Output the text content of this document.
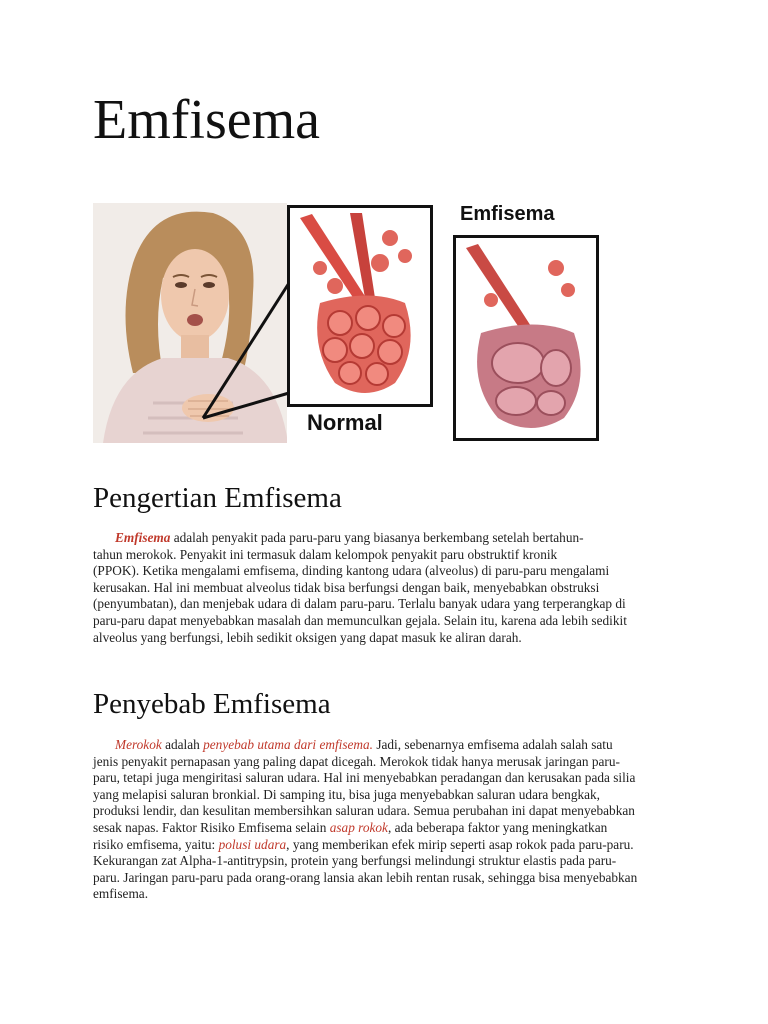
Emfisema
Normal
Emfisema
Pengertian Emfisema
Emfisema adalah penyakit pada paru-paru yang biasanya berkembang setelah bertahun-
tahun merokok. Penyakit ini termasuk dalam kelompok penyakit paru obstruktif kronik
(PPOK). Ketika mengalami emfisema, dinding kantong udara (alveolus) di paru-paru mengalami
kerusakan. Hal ini membuat alveolus tidak bisa berfungsi dengan baik, menyebabkan obstruksi
(penyumbatan), dan menjebak udara di dalam paru-paru. Terlalu banyak udara yang terperangkap di
paru-paru dapat menyebabkan masalah dan memunculkan gejala. Selain itu, karena ada lebih sedikit
alveolus yang berfungsi, lebih sedikit oksigen yang dapat masuk ke aliran darah.
Penyebab Emfisema
Merokok adalah penyebab utama dari emfisema. Jadi, sebenarnya emfisema adalah salah satu
jenis penyakit pernapasan yang paling dapat dicegah. Merokok tidak hanya merusak jaringan paru-
paru, tetapi juga mengiritasi saluran udara. Hal ini menyebabkan peradangan dan kerusakan pada silia
yang melapisi saluran bronkial. Di samping itu, bisa juga menyebabkan saluran udara bengkak,
produksi lendir, dan kesulitan membersihkan saluran udara. Semua perubahan ini dapat menyebabkan
sesak napas. Faktor Risiko Emfisema selain asap rokok, ada beberapa faktor yang meningkatkan
risiko emfisema, yaitu: polusi udara, yang memberikan efek mirip seperti asap rokok pada paru-paru.
Kekurangan zat Alpha-1-antitrypsin, protein yang berfungsi melindungi struktur elastis pada paru-
paru. Jaringan paru-paru pada orang-orang lansia akan lebih rentan rusak, sehingga bisa menyebabkan
emfisema.
